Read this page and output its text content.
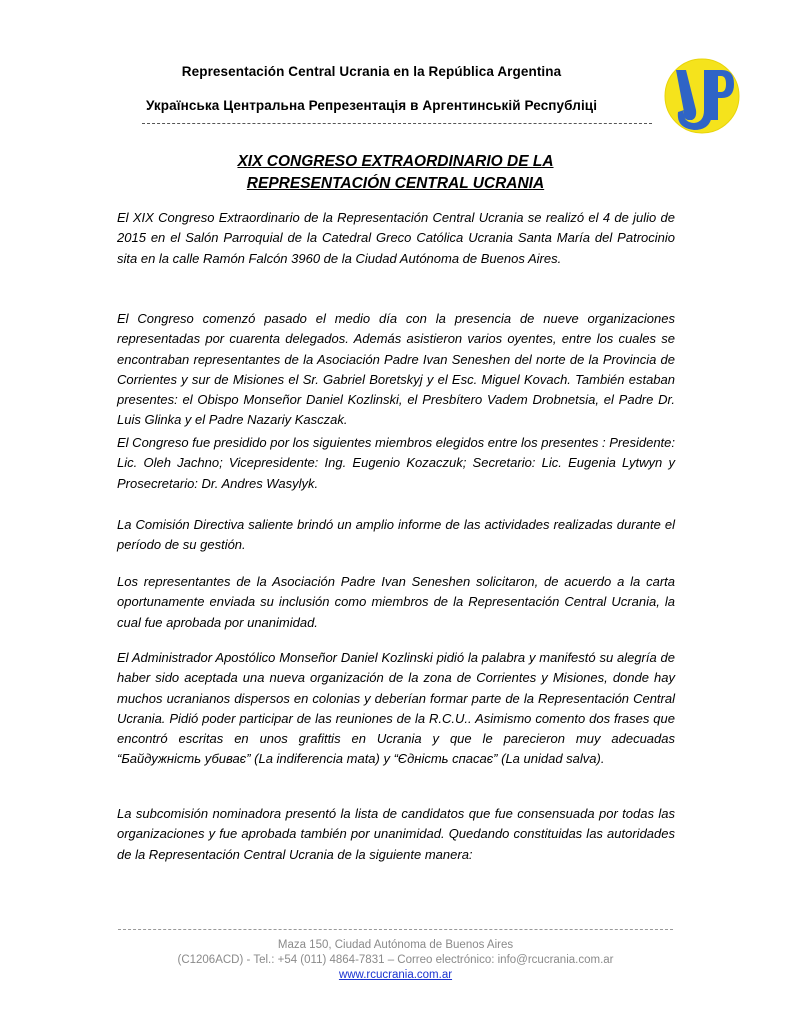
Representación Central Ucrania en la República Argentina
Українська Центральна Репрезентація в Аргентинській Республіці
XIX CONGRESO EXTRAORDINARIO DE LA
REPRESENTACIÓN CENTRAL UCRANIA

El XIX Congreso Extraordinario de la Representación Central Ucrania se realizó el 4 de julio de 2015 en el Salón Parroquial de la Catedral Greco Católica Ucrania Santa María del Patrocinio sita en la calle Ramón Falcón 3960 de la Ciudad Autónoma de Buenos Aires.

El Congreso comenzó pasado el medio día con la presencia de nueve organizaciones representadas por cuarenta delegados. Además asistieron varios oyentes, entre los cuales se encontraban representantes de la Asociación Padre Ivan Seneshen del norte de la Provincia de Corrientes y sur de Misiones el Sr. Gabriel Boretskyj y el Esc. Miguel Kovach. También estaban presentes: el Obispo Monseñor Daniel Kozlinski, el Presbítero Vadem Drobnetsia, el Padre Dr. Luis Glinka y el Padre Nazariy Kasczak.

El Congreso fue presidido por los siguientes miembros elegidos entre los presentes : Presidente: Lic. Oleh Jachno; Vicepresidente: Ing. Eugenio Kozaczuk; Secretario: Lic. Eugenia Lytwyn y Prosecretario: Dr. Andres Wasylyk.

La Comisión Directiva saliente brindó un amplio informe de las actividades realizadas durante el período de su gestión.

Los representantes de la Asociación Padre Ivan Seneshen solicitaron, de acuerdo a la carta oportunamente enviada su inclusión como miembros de la Representación Central Ucrania, la cual fue aprobada por unanimidad.

El Administrador Apostólico Monseñor Daniel Kozlinski pidió la palabra y manifestó su alegría de haber sido aceptada una nueva organización de la zona de Corrientes y Misiones, donde hay muchos ucranianos dispersos en colonias y deberían formar parte de la Representación Central Ucrania. Pidió poder participar de las reuniones de la R.C.U.. Asimismo comento dos frases que encontró escritas en unos grafittis en Ucrania y que le parecieron muy adecuadas “Байдужність убиває” (La indiferencia mata) y “Єдність спасає” (La unidad salva).

La subcomisión nominadora presentó la lista de candidatos que fue consensuada por todas las organizaciones y fue aprobada también por unanimidad. Quedando constituidas las autoridades de la Representación Central Ucrania de la siguiente manera:

Maza 150, Ciudad Autónoma de Buenos Aires
(C1206ACD) - Tel.: +54 (011) 4864-7831 – Correo electrónico: info@rcucrania.com.ar
www.rcucrania.com.ar
